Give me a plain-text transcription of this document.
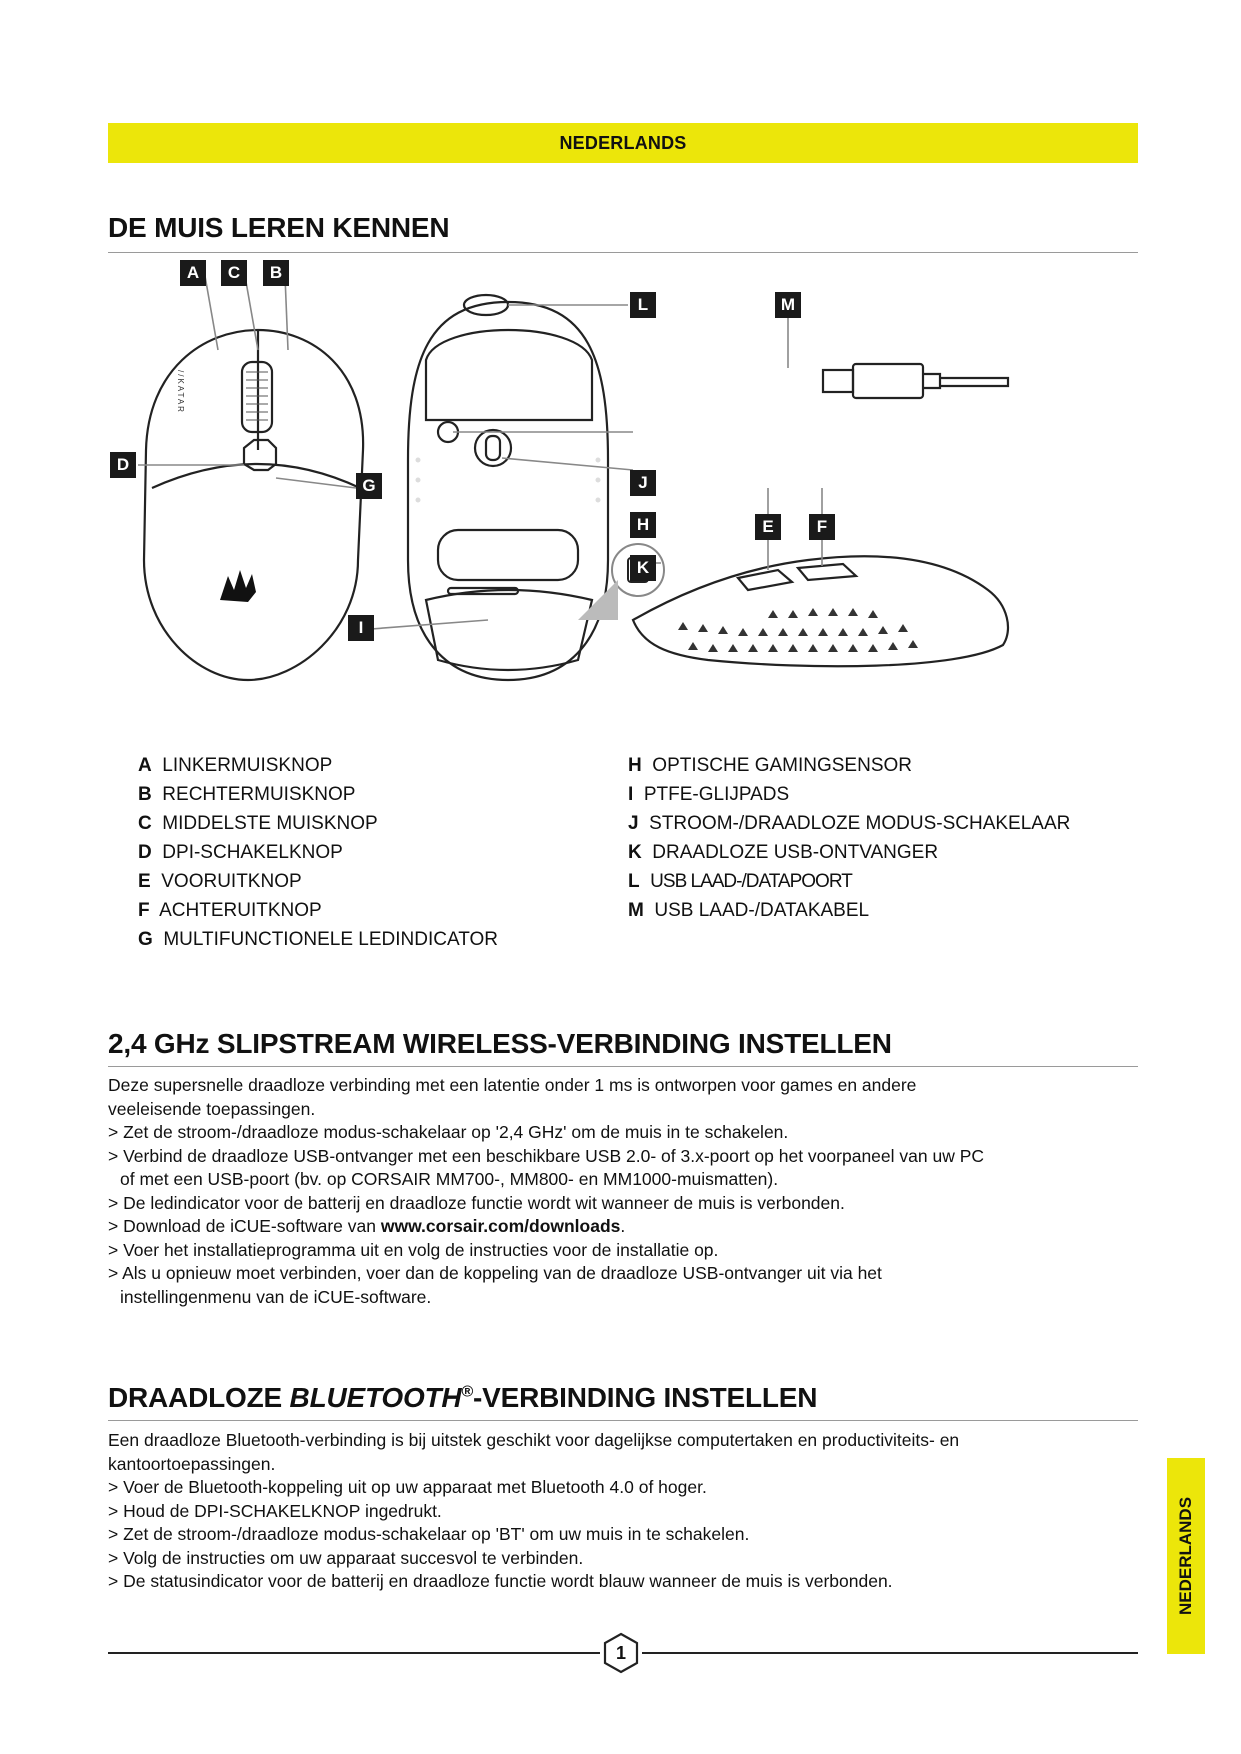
NEDERLANDS
DE MUIS LEREN KENNEN
//KATAR
A	C	B
D
G
L	M
J
H
K
E	F
I
A LINKERMUISKNOP
B  RECHTERMUISKNOP
C MIDDELSTE MUISKNOP
D DPI-SCHAKELKNOP
E VOORUITKNOP
F ACHTERUITKNOP
G MULTIFUNCTIONELE LEDINDICATOR
H OPTISCHE GAMINGSENSOR
I PTFE-GLIJPADS
J STROOM-/DRAADLOZE MODUS-SCHAKELAAR
K DRAADLOZE USB-ONTVANGER
L USB LAAD-/DATAPOORT
M USB LAAD-/DATAKABEL
2,4 GHz SLIPSTREAM WIRELESS-VERBINDING INSTELLEN

Deze supersnelle draadloze verbinding met een latentie onder 1 ms is ontworpen voor games en andere

veeleisende toepassingen.

> Zet de stroom-/draadloze modus-schakelaar op '2,4 GHz' om de muis in te schakelen.

> Verbind de draadloze USB-ontvanger met een beschikbare USB 2.0- of 3.x-poort op het voorpaneel van uw PC

of met een USB-poort (bv. op CORSAIR MM700-, MM800- en MM1000-muismatten).

> De ledindicator voor de batterij en draadloze functie wordt wit wanneer de muis is verbonden.

> Download de iCUE-software van www.corsair.com/downloads.

> Voer het installatieprogramma uit en volg de instructies voor de installatie op.

> Als u opnieuw moet verbinden, voer dan de koppeling van de draadloze USB-ontvanger uit via het

instellingenmenu van de iCUE-software.

DRAADLOZE BLUETOOTH®-VERBINDING INSTELLEN

Een draadloze Bluetooth-verbinding is bij uitstek geschikt voor dagelijkse computertaken en productiviteits- en

kantoortoepassingen.

> Voer de Bluetooth-koppeling uit op uw apparaat met Bluetooth 4.0 of hoger.

> Houd de DPI-SCHAKELKNOP ingedrukt.

> Zet de stroom-/draadloze modus-schakelaar op 'BT' om uw muis in te schakelen.

> Volg de instructies om uw apparaat succesvol te verbinden.

> De statusindicator voor de batterij en draadloze functie wordt blauw wanneer de muis is verbonden.	NEDERLANDS
1
